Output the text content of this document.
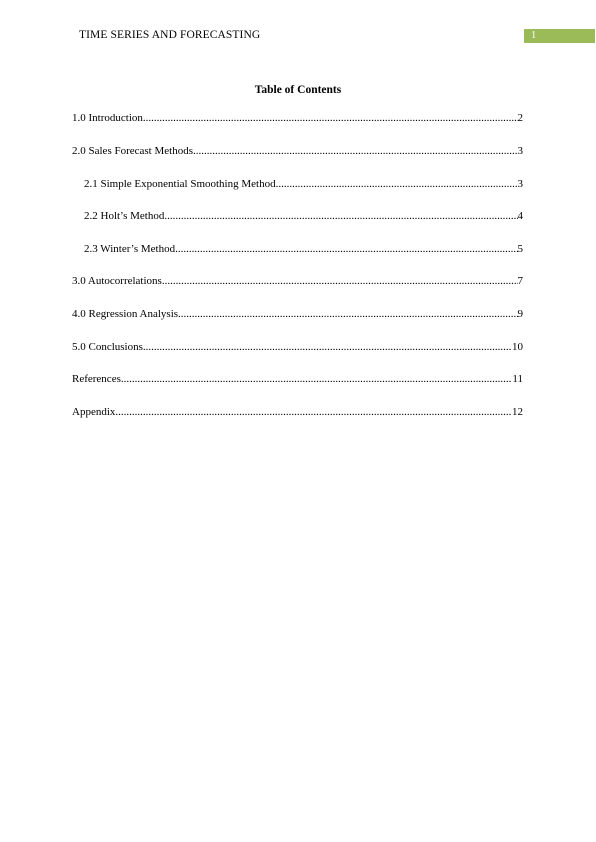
TIME SERIES AND FORECASTING	1
Table of Contents
1.0 Introduction .....	2
2.0 Sales Forecast Methods .....	3
2.1 Simple Exponential Smoothing Method .....	3
2.2 Holt’s Method .....	4
2.3 Winter’s Method .....	5
3.0 Autocorrelations .....	7
4.0 Regression Analysis .....	9
5.0 Conclusions .....	10
References .....	11
Appendix .....	12
